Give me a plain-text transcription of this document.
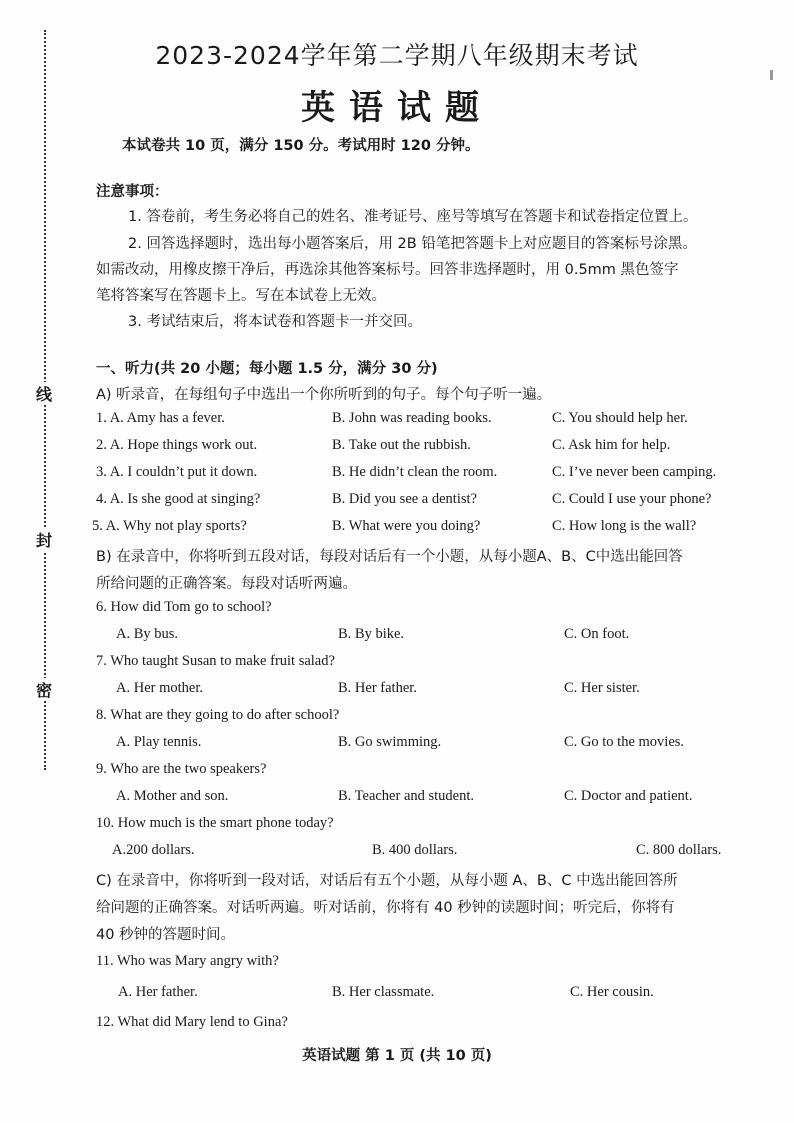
线
封
密
2023-2024学年第二学期八年级期末考试
英语试题
本试卷共 10 页，满分 150 分。考试用时 120 分钟。
注意事项：
1. 答卷前，考生务必将自己的姓名、准考证号、座号等填写在答题卡和试卷指定位置上。
2. 回答选择题时，选出每小题答案后，用 2B 铅笔把答题卡上对应题目的答案标号涂黑。
如需改动，用橡皮擦干净后，再选涂其他答案标号。回答非选择题时，用 0.5mm 黑色签字
笔将答案写在答题卡上。写在本试卷上无效。
3. 考试结束后，将本试卷和答题卡一并交回。
一、听力(共 20 小题；每小题 1.5 分，满分 30 分)
A) 听录音，在每组句子中选出一个你所听到的句子。每个句子听一遍。
1. A. Amy has a fever.	B. John was reading books.	C. You should help her.
2. A. Hope things work out.	B. Take out the rubbish.	C. Ask him for help.
3. A. I couldn’t put it down.	B. He didn’t clean the room.	C. I’ve never been camping.
4. A. Is she good at singing?	B. Did you see a dentist?	C. Could I use your phone?
5. A. Why not play sports?	B. What were you doing?	C. How long is the wall?
B) 在录音中，你将听到五段对话，每段对话后有一个小题，从每小题A、B、C中选出能回答
所给问题的正确答案。每段对话听两遍。
6. How did Tom go to school?
A. By bus.	B. By bike.	C. On foot.
7. Who taught Susan to make fruit salad?
A. Her mother.	B. Her father.	C. Her sister.
8. What are they going to do after school?
A. Play tennis.	B. Go swimming.	C. Go to the movies.
9. Who are the two speakers?
A. Mother and son.	B. Teacher and student.	C. Doctor and patient.
10. How much is the smart phone today?
A.200 dollars.	B. 400 dollars.	C. 800 dollars.
C) 在录音中，你将听到一段对话，对话后有五个小题，从每小题 A、B、C 中选出能回答所
给问题的正确答案。对话听两遍。听对话前，你将有 40 秒钟的读题时间；听完后，你将有
40 秒钟的答题时间。
11. Who was Mary angry with?
A. Her father.	B. Her classmate.	C. Her cousin.
12. What did Mary lend to Gina?
英语试题 第 1 页 (共 10 页)
